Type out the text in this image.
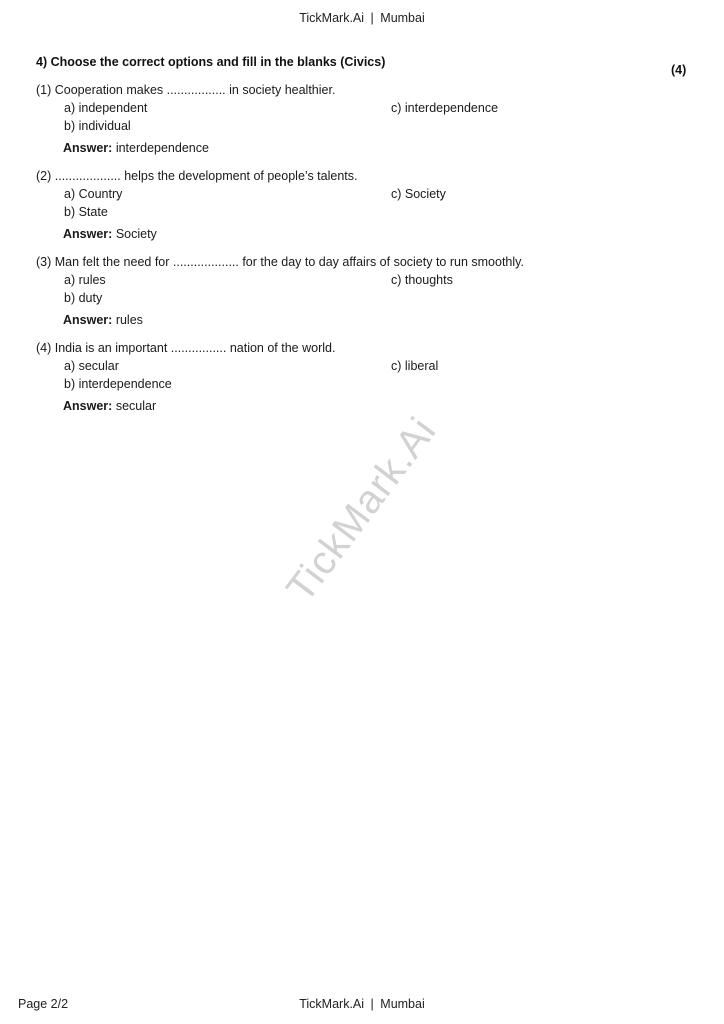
TickMark.Ai | Mumbai
4) Choose the correct options and fill in the blanks (Civics)
(4)
TickMark.Ai
(1) Cooperation makes ................. in society healthier.
a) independent	c) interdependence
b) individual
Answer: interdependence
(2) ................... helps the development of people’s talents.
a) Country	c) Society
b) State
Answer: Society
(3) Man felt the need for ................... for the day to day affairs of society to run smoothly.
a) rules	c) thoughts
b) duty
Answer: rules
(4) India is an important ................ nation of the world.
a) secular	c) liberal
b) interdependence
Answer: secular
Page 2/2	TickMark.Ai | Mumbai
